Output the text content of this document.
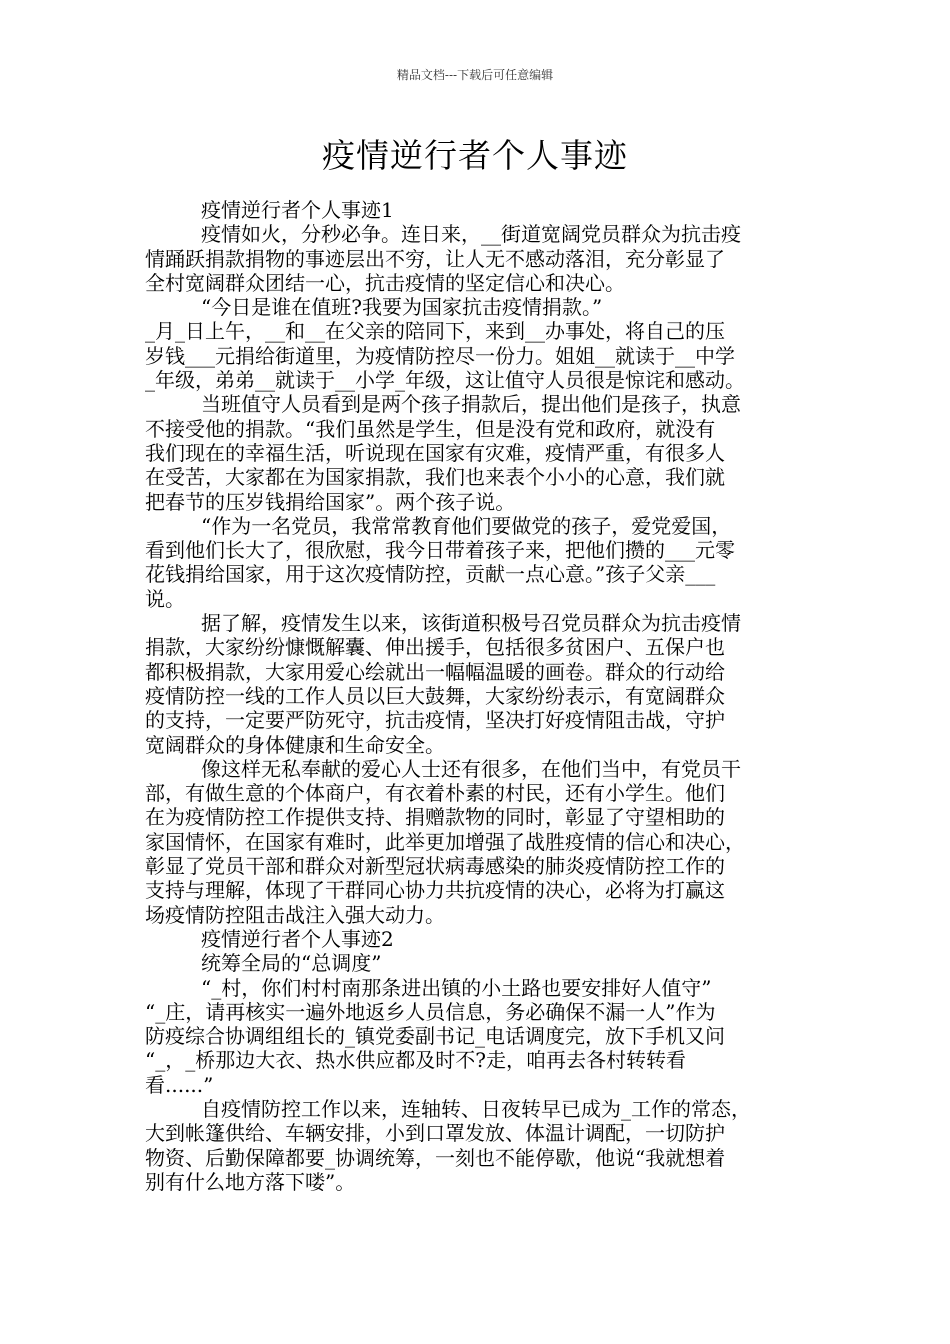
精品文档---下载后可任意编辑
疫情逆行者个人事迹
疫情逆行者个人事迹1
疫情如火，分秒必争。连日来，__街道宽阔党员群众为抗击疫
情踊跃捐款捐物的事迹层出不穷，让人无不感动落泪，充分彰显了
全村宽阔群众团结一心，抗击疫情的坚定信心和决心。
“今日是谁在值班?我要为国家抗击疫情捐款。”
_月_日上午，__和__在父亲的陪同下，来到__办事处，将自己的压
岁钱___元捐给街道里，为疫情防控尽一份力。姐姐__就读于__中学
_年级，弟弟__就读于__小学_年级，这让值守人员很是惊诧和感动。
当班值守人员看到是两个孩子捐款后，提出他们是孩子，执意
不接受他的捐款。“我们虽然是学生，但是没有党和政府，就没有
我们现在的幸福生活，听说现在国家有灾难，疫情严重，有很多人
在受苦，大家都在为国家捐款，我们也来表个小小的心意，我们就
把春节的压岁钱捐给国家”。两个孩子说。
“作为一名党员，我常常教育他们要做党的孩子，爱党爱国，
看到他们长大了，很欣慰，我今日带着孩子来，把他们攒的___元零
花钱捐给国家，用于这次疫情防控，贡献一点心意。”孩子父亲___
说。
据了解，疫情发生以来，该街道积极号召党员群众为抗击疫情
捐款，大家纷纷慷慨解囊、伸出援手，包括很多贫困户、五保户也
都积极捐款，大家用爱心绘就出一幅幅温暖的画卷。群众的行动给
疫情防控一线的工作人员以巨大鼓舞，大家纷纷表示，有宽阔群众
的支持，一定要严防死守，抗击疫情，坚决打好疫情阻击战，守护
宽阔群众的身体健康和生命安全。
像这样无私奉献的爱心人士还有很多，在他们当中，有党员干
部，有做生意的个体商户，有衣着朴素的村民，还有小学生。他们
在为疫情防控工作提供支持、捐赠款物的同时，彰显了守望相助的
家国情怀，在国家有难时，此举更加增强了战胜疫情的信心和决心，
彰显了党员干部和群众对新型冠状病毒感染的肺炎疫情防控工作的
支持与理解，体现了干群同心协力共抗疫情的决心，必将为打赢这
场疫情防控阻击战注入强大动力。
疫情逆行者个人事迹2
统筹全局的“总调度”
“_村，你们村村南那条进出镇的小土路也要安排好人值守”
“_庄，请再核实一遍外地返乡人员信息，务必确保不漏一人”作为
防疫综合协调组组长的_镇党委副书记_电话调度完，放下手机又问
“_，_桥那边大衣、热水供应都及时不?走，咱再去各村转转看
看......”
自疫情防控工作以来，连轴转、日夜转早已成为_工作的常态，
大到帐篷供给、车辆安排，小到口罩发放、体温计调配，一切防护
物资、后勤保障都要_协调统筹，一刻也不能停歇，他说“我就想着
别有什么地方落下喽”。
